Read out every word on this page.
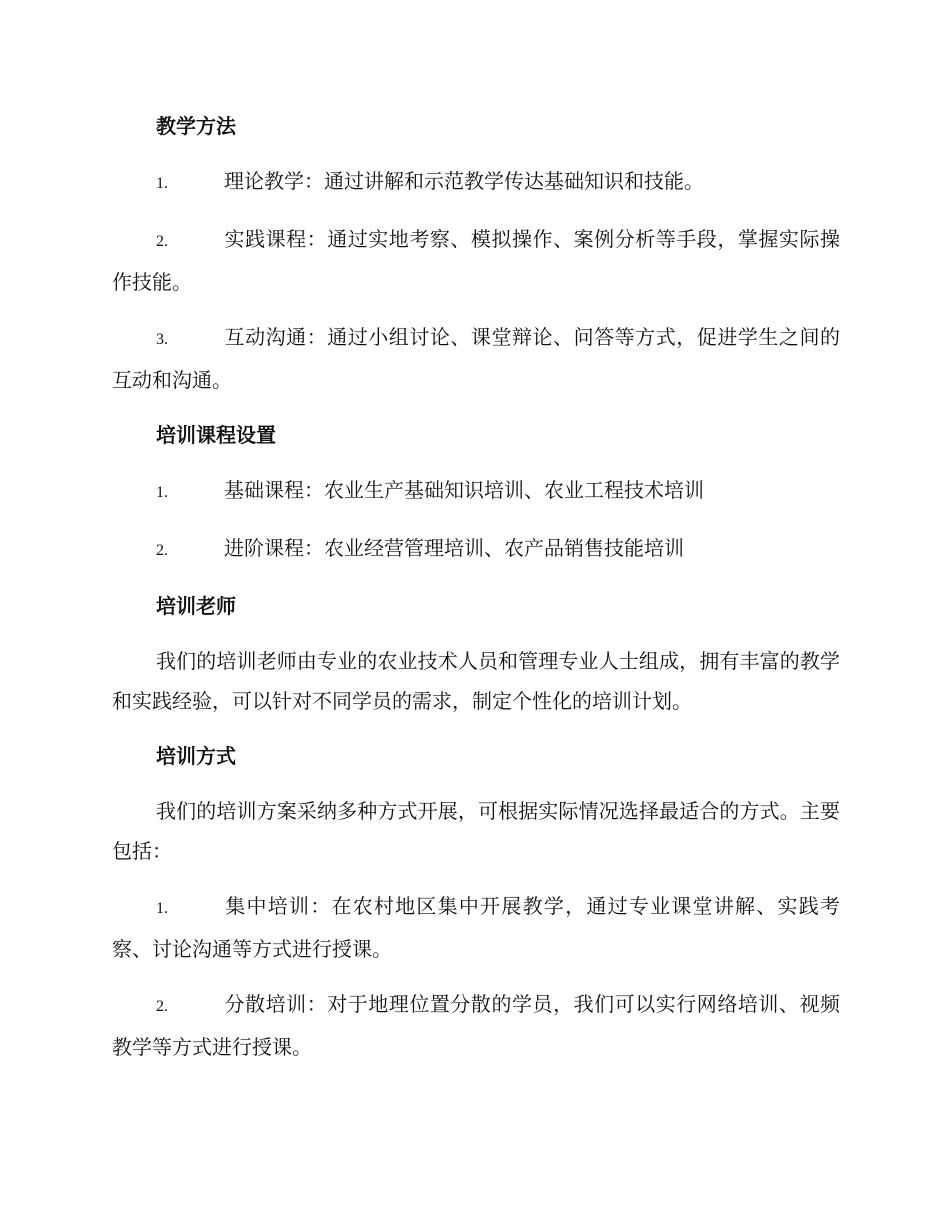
教学方法

1.	理论教学：通过讲解和示范教学传达基础知识和技能。

2.	实践课程：通过实地考察、模拟操作、案例分析等手段，掌握实际操作技能。

3.	互动沟通：通过小组讨论、课堂辩论、问答等方式，促进学生之间的互动和沟通。

培训课程设置

1.	基础课程：农业生产基础知识培训、农业工程技术培训

2.	进阶课程：农业经营管理培训、农产品销售技能培训

培训老师

我们的培训老师由专业的农业技术人员和管理专业人士组成，拥有丰富的教学和实践经验，可以针对不同学员的需求，制定个性化的培训计划。

培训方式

我们的培训方案采纳多种方式开展，可根据实际情况选择最适合的方式。主要包括：

1.	集中培训：在农村地区集中开展教学，通过专业课堂讲解、实践考察、讨论沟通等方式进行授课。

2.	分散培训：对于地理位置分散的学员，我们可以实行网络培训、视频教学等方式进行授课。
